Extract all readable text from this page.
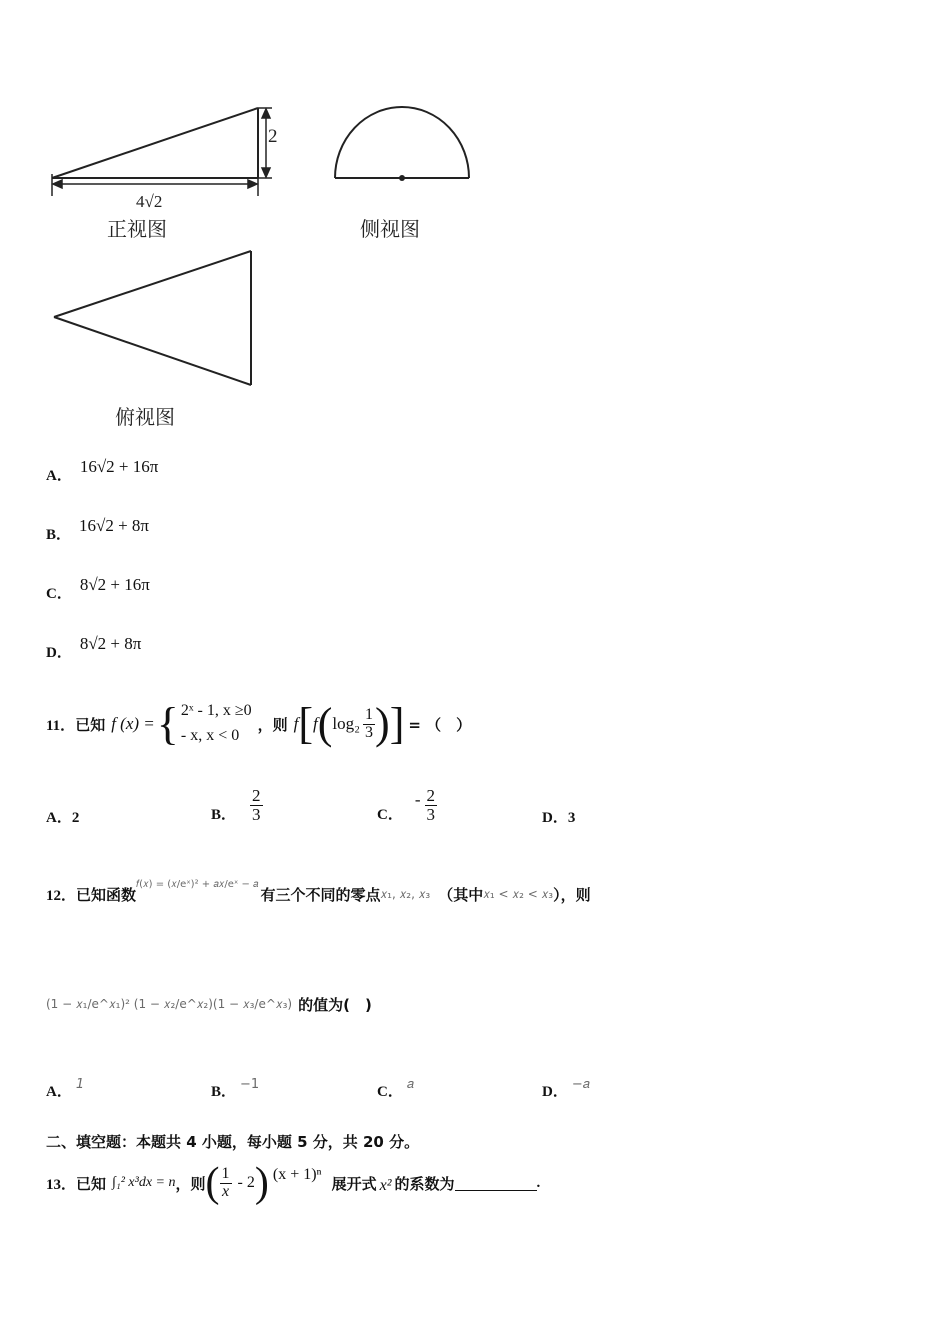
4√2
2
正视图	侧视图
俯视图
A． 16√2 + 16π
B． 16√2 + 8π
C． 8√2 + 16π
D． 8√2 + 8π
11． 已知 f (x) = { 2ˣ - 1, x ≥0
- x, x < 0
，则 f [ f ( $\log_2 \frac{1}{3}$ ) ] = （　）
A．2	B． $\frac{2}{3}$	C．
- $\frac{2}{3}$	D．3
12． 已知函数
𝑓(𝑥) = (𝑥/eˣ)² + 𝑎𝑥/eˣ − 𝑎
有三个不同的零点 𝑥₁, 𝑥₂, 𝑥₃ （其中 𝑥₁ < 𝑥₂ < 𝑥₃ ），则
(1 − 𝑥₁/e^𝑥₁)² (1 − 𝑥₂/e^𝑥₂)(1 − 𝑥₃/e^𝑥₃) 的值为(　)
A． $^1$	B． $^{-1}$	C． $^𝑎$	D． $^{-𝑎}$
二、填空题：本题共 4 小题，每小题 5 分，共 20 分。
13． 已知 ∫₁² x³dx = n ，则 ( $\frac{1}{x} - 2$ ) (x + 1)ⁿ 展开式 x² 的系数为	.
